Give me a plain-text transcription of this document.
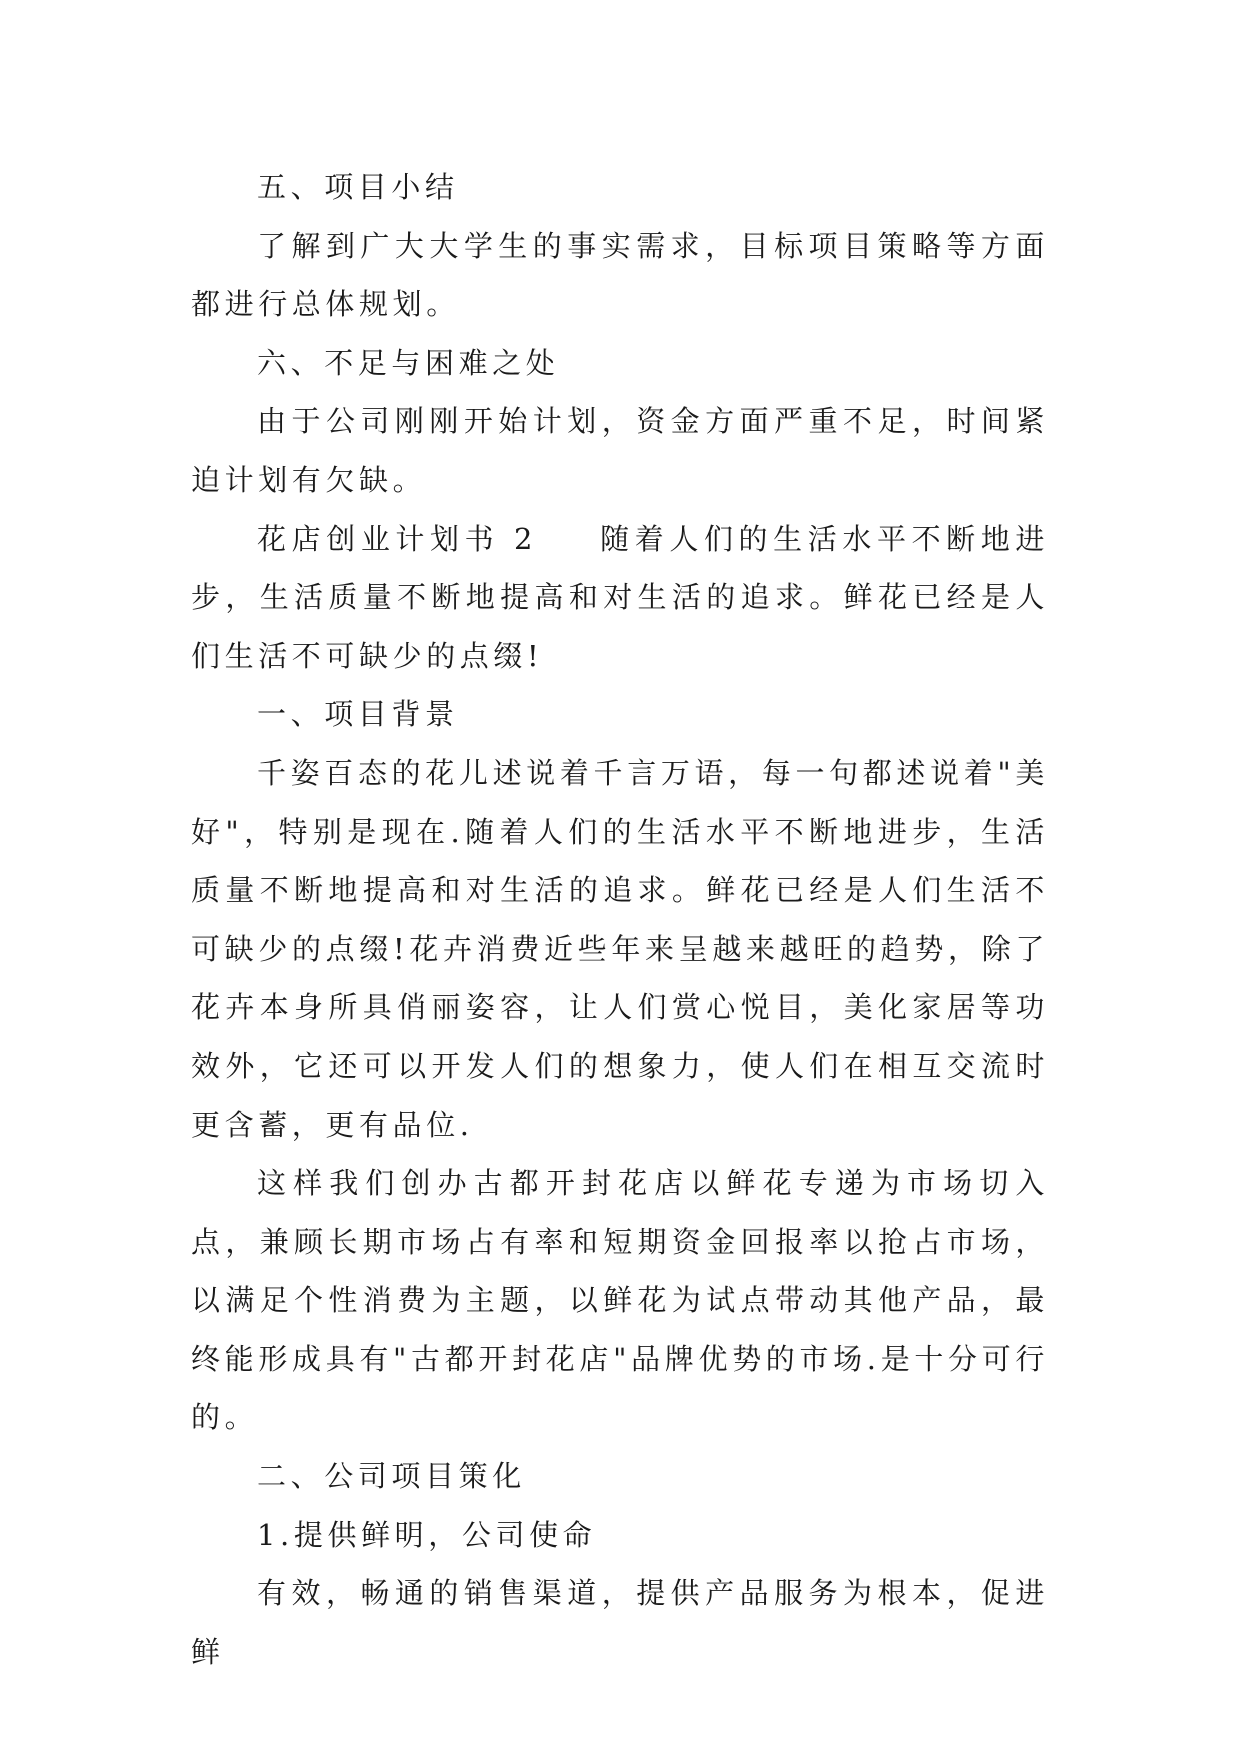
五、项目小结

了解到广大大学生的事实需求，目标项目策略等方面都进行总体规划。

六、不足与困难之处

由于公司刚刚开始计划，资金方面严重不足，时间紧迫计划有欠缺。

花店创业计划书 2 随着人们的生活水平不断地进步，生活质量不断地提高和对生活的追求。鲜花已经是人们生活不可缺少的点缀!

一、项目背景

千姿百态的花儿述说着千言万语，每一句都述说着"美好"，特别是现在.随着人们的生活水平不断地进步，生活质量不断地提高和对生活的追求。鲜花已经是人们生活不可缺少的点缀!花卉消费近些年来呈越来越旺的趋势，除了花卉本身所具俏丽姿容，让人们赏心悦目，美化家居等功效外，它还可以开发人们的想象力，使人们在相互交流时更含蓄，更有品位.

这样我们创办古都开封花店以鲜花专递为市场切入点，兼顾长期市场占有率和短期资金回报率以抢占市场，以满足个性消费为主题，以鲜花为试点带动其他产品，最终能形成具有"古都开封花店"品牌优势的市场.是十分可行的。

二、公司项目策化

1.提供鲜明，公司使命

有效，畅通的销售渠道，提供产品服务为根本，促进鲜
